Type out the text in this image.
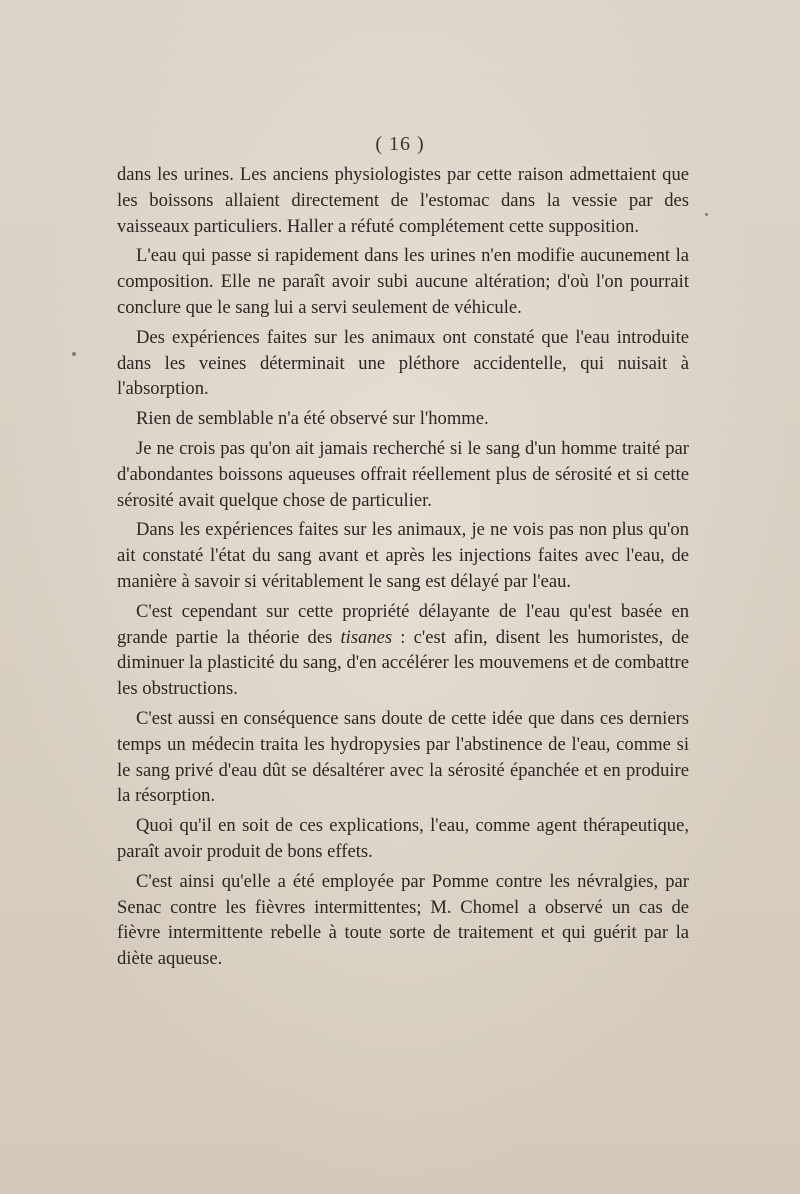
( 16 )

dans les urines. Les anciens physiologistes par cette raison admettaient que les boissons allaient directement de l'estomac dans la vessie par des vaisseaux particuliers. Haller a réfuté complétement cette supposition.

L'eau qui passe si rapidement dans les urines n'en modifie aucunement la composition. Elle ne paraît avoir subi aucune altération; d'où l'on pourrait conclure que le sang lui a servi seulement de véhicule.

Des expériences faites sur les animaux ont constaté que l'eau introduite dans les veines déterminait une pléthore accidentelle, qui nuisait à l'absorption.

Rien de semblable n'a été observé sur l'homme.

Je ne crois pas qu'on ait jamais recherché si le sang d'un homme traité par d'abondantes boissons aqueuses offrait réellement plus de sérosité et si cette sérosité avait quelque chose de particulier.

Dans les expériences faites sur les animaux, je ne vois pas non plus qu'on ait constaté l'état du sang avant et après les injections faites avec l'eau, de manière à savoir si véritablement le sang est délayé par l'eau.

C'est cependant sur cette propriété délayante de l'eau qu'est basée en grande partie la théorie des tisanes : c'est afin, disent les humoristes, de diminuer la plasticité du sang, d'en accélérer les mouvemens et de combattre les obstructions.

C'est aussi en conséquence sans doute de cette idée que dans ces derniers temps un médecin traita les hydropysies par l'abstinence de l'eau, comme si le sang privé d'eau dût se désaltérer avec la sérosité épanchée et en produire la résorption.

Quoi qu'il en soit de ces explications, l'eau, comme agent thérapeutique, paraît avoir produit de bons effets.

C'est ainsi qu'elle a été employée par Pomme contre les névralgies, par Senac contre les fièvres intermittentes; M. Chomel a observé un cas de fièvre intermittente rebelle à toute sorte de traitement et qui guérit par la diète aqueuse.
